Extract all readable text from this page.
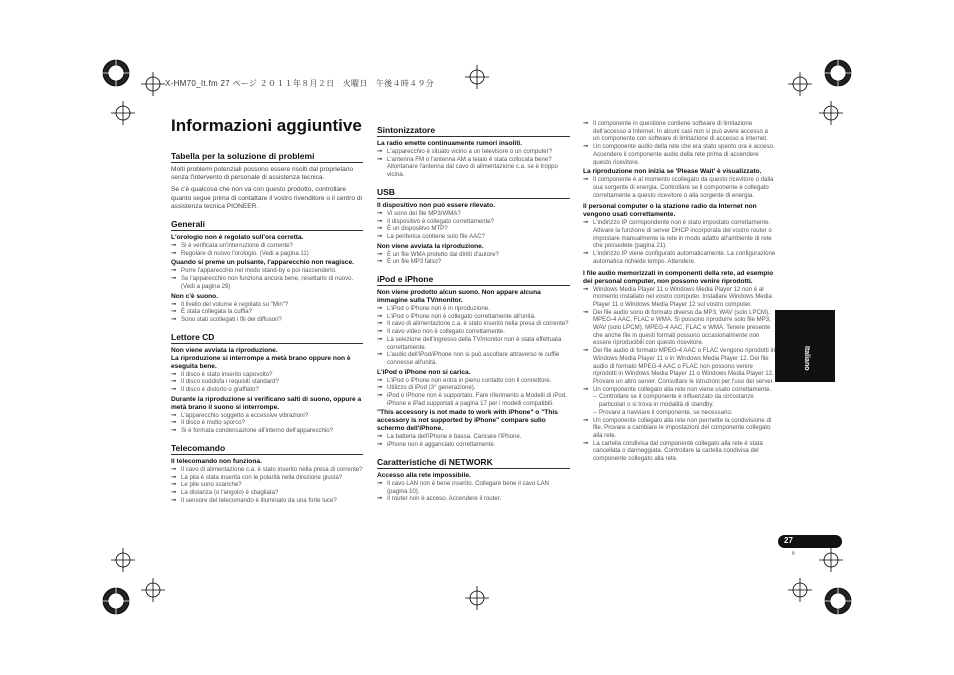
X-HM70_It.fm 27 ページ ２０１１年８月２日　火曜日　午後４時４９分
Informazioni aggiuntive
Tabella per la soluzione di problemi
Molti problemi potenziali possono essere risolti dal proprietario senza l'intervento di personale di assistenza tecnica.
Se c'è qualcosa che non va con questo prodotto, controllare quanto segue prima di contattare il vostro rivenditore o il centro di assistenza tecnica PIONEER.
Generali
L'orologio non è regolato sull'ora corretta.
➞ Si è verificata un'interruzione di corrente?
➞ Regolare di nuovo l'orologio. (Vedi a pagina 11)
Quando si preme un pulsante, l'apparecchio non reagisce.
➞ Porre l'apparecchio nel modo stand-by e poi riaccenderlo.
➞ Se l'apparecchio non funziona ancora bene, resettarlo di nuovo. (Vedi a pagina 29)
Non c'è suono.
➞ Il livello del volume è regolato su "Min"?
➞ È stata collegata la cuffia?
➞ Sono stati scollegati i fili dei diffusori?
Lettore CD
Non viene avviata la riproduzione.
La riproduzione si interrompe a metà brano oppure non è eseguita bene.
➞ Il disco è stato inserito capovolto?
➞ Il disco soddisfa i requisiti standard?
➞ Il disco è distorto o graffiato?
Durante la riproduzione si verificano salti di suono, oppure a metà brano il suono si interrompe.
➞ L'apparecchio soggetto a eccessive vibrazioni?
➞ Il disco è molto sporco?
➞ Si è formata condensazione all'interno dell'apparecchio?
Telecomando
Il telecomando non funziona.
➞ Il cavo di alimentazione c.a. è stato inserito nella presa di corrente?
➞ La pila è stata inserita con le polarità nella direzione giusta?
➞ Le pile sono scariche?
➞ La distanza (o l'angolo) è sbagliata?
➞ Il sensore del telecomando è illuminato da una forte luce?
Sintonizzatore
La radio emette continuamente rumori insoliti.
➞ L'apparecchio è situato vicino a un televisore o un computer?
➞ L'antenna FM o l'antenna AM a telaio è stata collocata bene? Allontanare l'antenna dal cavo di alimentazione c.a. se è troppo vicina.
USB
Il dispositivo non può essere rilevato.
➞ Vi sono dei file MP3/WMA?
➞ Il dispositivo è collegato correttamente?
➞ È un dispositivo MTP?
➞ La periferica contiene solo file AAC?
Non viene avviata la riproduzione.
➞ È un file WMA protetto dai diritti d'autore?
➞ È un file MP3 falso?
iPod e iPhone
Non viene prodotto alcun suono. Non appare alcuna immagine sulla TV/monitor.
➞ L'iPod o iPhone non è in riproduzione.
➞ L'iPod o iPhone non è collegato correttamente all'unità.
➞ Il cavo di alimentazione c.a. è stato inserito nella presa di corrente?
➞ Il cavo video non è collegato correttamente.
➞ La selezione dell'ingresso della TV/monitor non è stata effettuata correttamente.
➞ L'audio dell'iPod/iPhone non si può ascoltare attraverso le cuffie connesse all'unità.
L'iPod o iPhone non si carica.
➞ L'iPod o iPhone non entra in pieno contatto con il connettore.
➞ Utilizzo di iPod (3° generazione).
➞ iPod o iPhone non è supportato. Fare riferimento a Modelli di iPod, iPhone e iPad supportati a pagina 17 per i modelli compatibili.
"This accessory is not made to work with iPhone" o "This accessory is not supported by iPhone" compare sullo schermo dell'iPhone.
➞ La batteria dell'iPhone è bassa. Caricare l'iPhone.
➞ iPhone non è agganciato correttamente.
Caratteristiche di NETWORK
Accesso alla rete impossibile.
➞ Il cavo LAN non è bene inserito. Collegare bene il cavo LAN (pagina 10).
➞ Il router non è acceso. Accendere il router.
➞ Il componente in questione contiene software di limitazione dell'accesso a Internet. In alcuni casi non si può avere accesso a un componente con software di limitazione di accesso a Internet.
➞ Un componente audio della rete che era stato spento ora è acceso. Accendere il componente audio della rete prima di accendere questo ricevitore.
La riproduzione non inizia se 'Please Wait' è visualizzato.
➞ Il componente è al momento scollegato da questo ricevitore o dalla sua sorgente di energia. Controllare se il componente è collegato correttamente a questo ricevitore o alla sorgente di energia.
Il personal computer o la stazione radio da Internet non vengono usati correttamente.
➞ L'indirizzo IP corrispondente non è stato impostato correttamente. Attivare la funzione di server DHCP incorporata del vostro router o impostare manualmente la rete in modo adatto all'ambiente di rete che possedete (pagina 21).
➞ L'indirizzo IP viene configurato automaticamente. La configurazione automatica richiede tempo. Attendere.
I file audio memorizzati in componenti della rete, ad esempio dei personal computer, non possono venire riprodotti.
➞ Windows Media Player 11 o Windows Media Player 12 non è al momento installato nel vostro computer. Installare Windows Media Player 11 o Windows Media Player 12 sul vostro computer.
➞ Dei file audio sono di formato diverso da MP3, WAV (solo LPCM), MPEG-4 AAC, FLAC e WMA. Si possono riprodurre solo file MP3, WAV (solo LPCM), MPEG-4 AAC, FLAC e WMA. Tenere presente che anche file in questi formati possono occasionalmente non essere riproducibili con questo ricevitore.
➞ Dei file audio di formato MPEG-4 AAC o FLAC vengono riprodotti in Windows Media Player 11 o in Windows Media Player 12. Dei file audio di formato MPEG-4 AAC o FLAC non possono venire riprodotti in Windows Media Player 11 o Windows Media Player 12. Provare un altro server. Consultare le istruzioni per l'uso del server.
➞ Un componente collegato alla rete non viene usato correttamente.
– Controllare se il componente è influenzato da circostanze particolari o si trova in modalità di standby.
– Provare a riavviare il componente, se necessario.
➞ Un componente collegato alla rete non permette la condivisione di file. Provare a cambiare le impostazioni del componente collegato alla rete.
➞ La cartella condivisa dal componente collegato alla rete è stata cancellata o danneggiata. Controllare la cartella condivisa del componente collegato alla rete.
Italiano
27
It
